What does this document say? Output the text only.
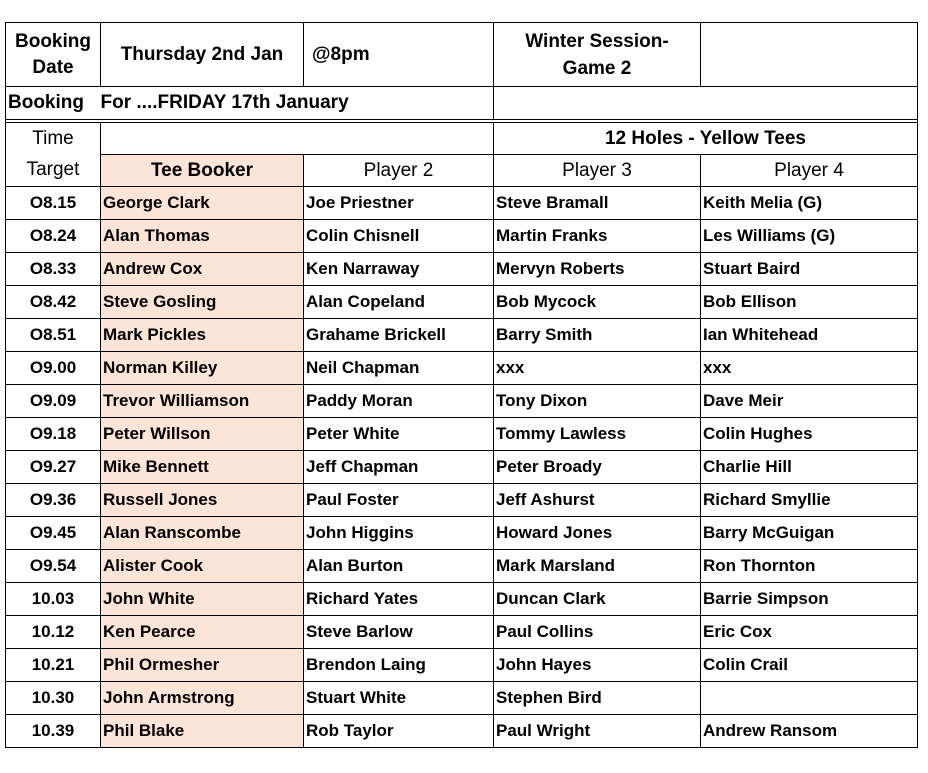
Booking Date	Thursday 2nd Jan	@8pm	Winter Session-
Game 2	
Booking	For ....FRIDAY 17th January			

Time			12 Holes - Yellow Tees	
Target	Tee Booker	Player 2	Player 3	Player 4
O8.15	George Clark	Joe Priestner	Steve Bramall	Keith Melia (G)
O8.24	Alan Thomas	Colin Chisnell	Martin Franks	Les Williams (G)
O8.33	Andrew Cox	Ken Narraway	Mervyn Roberts	Stuart Baird
O8.42	Steve Gosling	Alan Copeland	Bob Mycock	Bob Ellison
O8.51	Mark Pickles	Grahame Brickell	Barry Smith	Ian Whitehead
O9.00	Norman Killey	Neil Chapman	xxx	xxx
O9.09	Trevor Williamson	Paddy Moran	Tony Dixon	Dave Meir
O9.18	Peter Willson	Peter White	Tommy Lawless	Colin Hughes
O9.27	Mike Bennett	Jeff Chapman	Peter Broady	Charlie Hill
O9.36	Russell Jones	Paul Foster	Jeff Ashurst	Richard Smyllie
O9.45	Alan Ranscombe	John Higgins	Howard Jones	Barry McGuigan
O9.54	Alister Cook	Alan Burton	Mark Marsland	Ron Thornton
10.03	John White	Richard Yates	Duncan Clark	Barrie Simpson
10.12	Ken Pearce	Steve Barlow	Paul Collins	Eric Cox
10.21	Phil Ormesher	Brendon Laing	John Hayes	Colin Crail
10.30	John Armstrong	Stuart White	Stephen Bird	
10.39	Phil Blake	Rob Taylor	Paul Wright	Andrew Ransom
